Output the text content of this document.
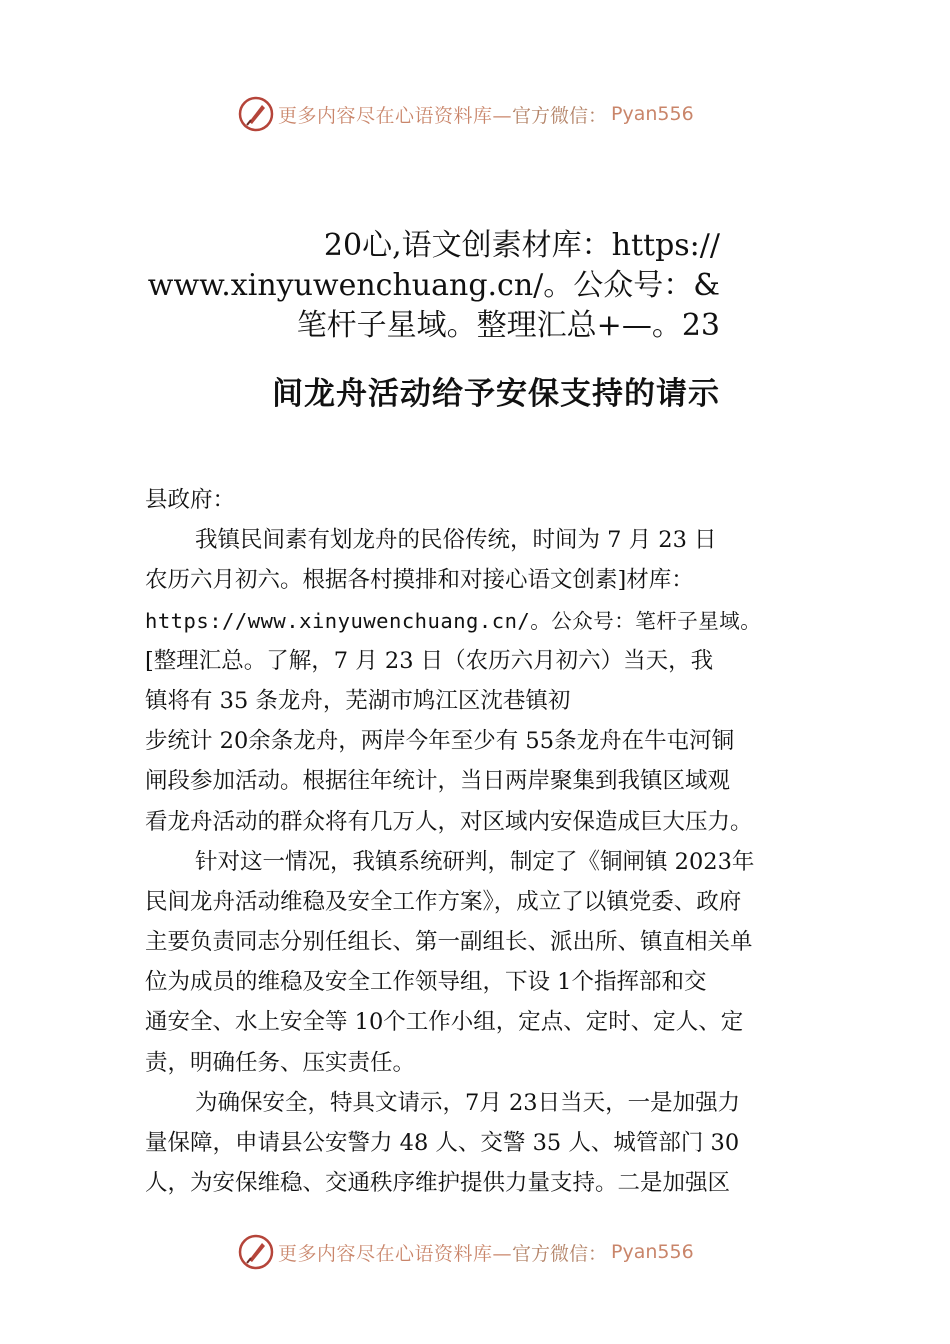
更多内容尽在心语资料库— 官方微信： Pyan556
20心,语文创素材库：https://
www.xinyuwenchuang.cn/。公众号：&
笔杆子星域。整理汇总+—。23
间龙舟活动给予安保支持的请示
县政府：
我镇民间素有划龙舟的民俗传统，时间为 7 月 23 日
农历六月初六。根据各村摸排和对接心语文创素]材库：
https://www.xinyuwenchuang.cn/。公众号：笔杆子星域。
[整理汇总。了解，7 月 23 日（农历六月初六）当天，我
镇将有 35 条龙舟，芜湖市鸠江区沈巷镇初
步统计 20余条龙舟，两岸今年至少有 55条龙舟在牛屯河铜
闸段参加活动。根据往年统计，当日两岸聚集到我镇区域观
看龙舟活动的群众将有几万人，对区域内安保造成巨大压力。
针对这一情况，我镇系统研判，制定了《铜闸镇 2023年
民间龙舟活动维稳及安全工作方案》，成立了以镇党委、政府
主要负责同志分别任组长、第一副组长、派出所、镇直相关单
位为成员的维稳及安全工作领导组，下设 1个指挥部和交
通安全、水上安全等 10个工作小组，定点、定时、定人、定
责，明确任务、压实责任。
为确保安全，特具文请示，7月 23日当天，一是加强力
量保障，申请县公安警力 48 人、交警 35 人、城管部门 30
人，为安保维稳、交通秩序维护提供力量支持。二是加强区
更多内容尽在心语资料库— 官方微信： Pyan556
